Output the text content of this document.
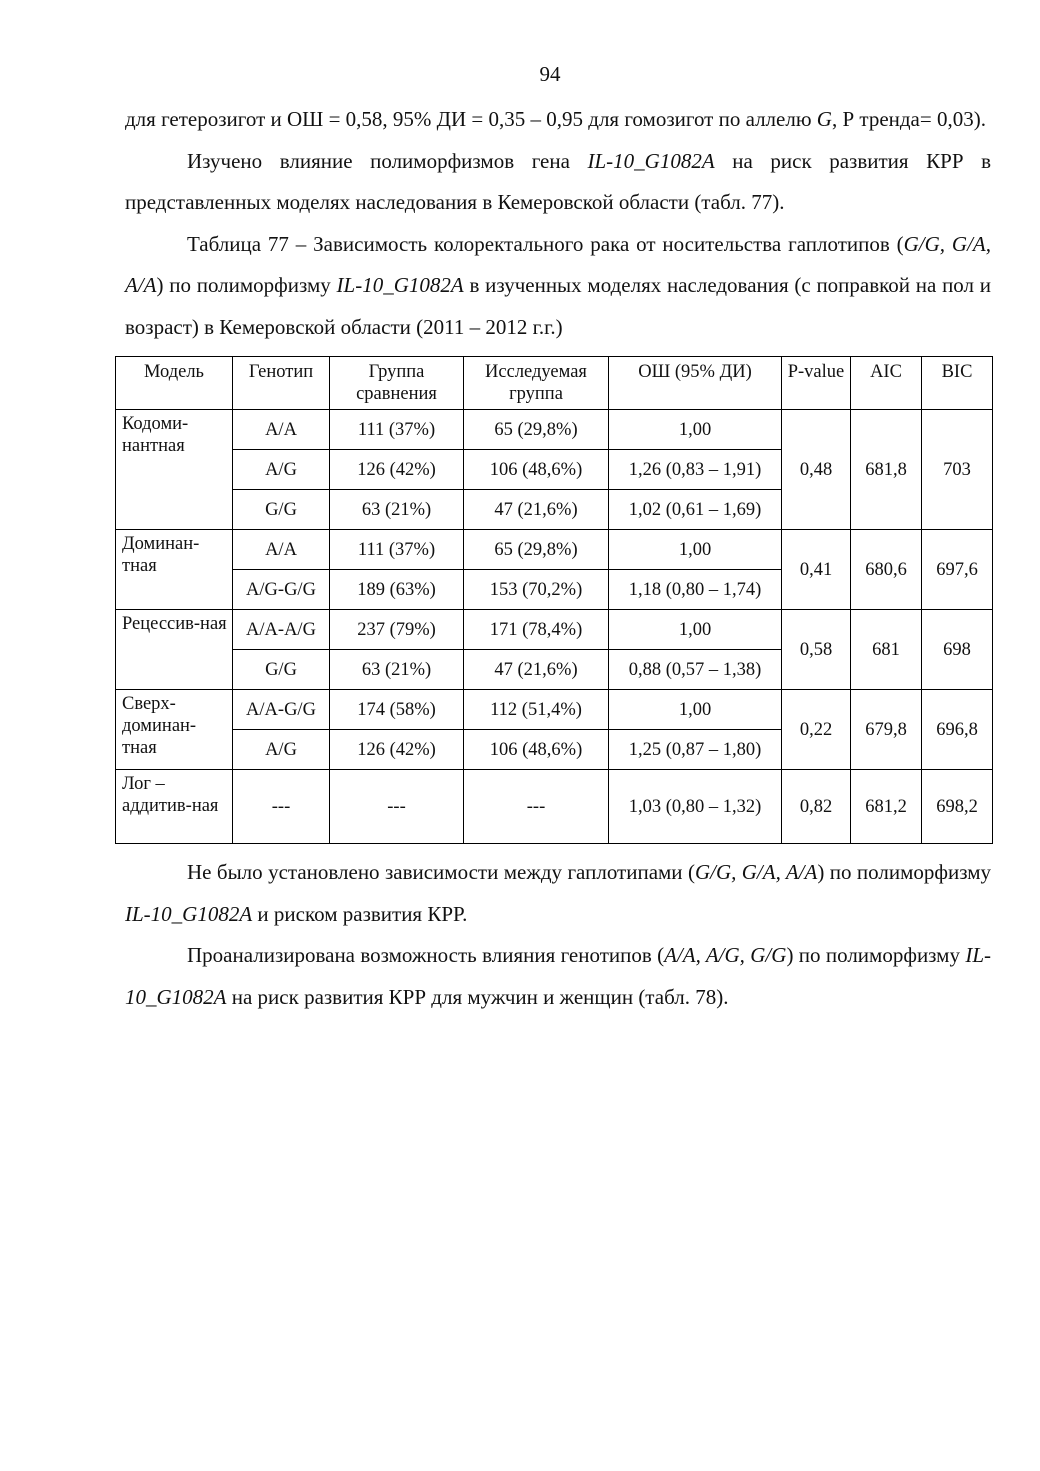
94

для гетерозигот и ОШ = 0,58, 95% ДИ = 0,35 – 0,95 для гомозигот по аллелю G, Р тренда= 0,03).

Изучено влияние полиморфизмов гена IL-10_G1082A на риск развития КРР в представленных моделях наследования в Кемеровской области (табл. 77).

Таблица 77 – Зависимость колоректального рака от носительства гаплотипов (G/G, G/A, A/A) по полиморфизму IL-10_G1082A в изученных моделях наследования (с поправкой на пол и возраст) в Кемеровской области (2011 – 2012 г.г.)

Модель	Генотип	Группа сравнения	Исследуемая группа	ОШ (95% ДИ)	P-value	AIC	BIC
Кодоми-нантная	A/A	111 (37%)	65 (29,8%)	1,00	0,48	681,8	703
	A/G	126 (42%)	106 (48,6%)	1,26 (0,83 – 1,91)			
	G/G	63 (21%)	47 (21,6%)	1,02 (0,61 – 1,69)			
Доминан-тная	A/A	111 (37%)	65 (29,8%)	1,00	0,41	680,6	697,6
	A/G-G/G	189 (63%)	153 (70,2%)	1,18 (0,80 – 1,74)			
Рецессив-ная	A/A-A/G	237 (79%)	171 (78,4%)	1,00	0,58	681	698
	G/G	63 (21%)	47 (21,6%)	0,88 (0,57 – 1,38)			
Сверх-доминан-тная	A/A-G/G	174 (58%)	112 (51,4%)	1,00	0,22	679,8	696,8
	A/G	126 (42%)	106 (48,6%)	1,25 (0,87 – 1,80)			
Лог – аддитив-ная	---	---	---	1,03 (0,80 – 1,32)	0,82	681,2	698,2

Не было установлено зависимости между гаплотипами (G/G, G/A, A/A) по полиморфизму IL-10_G1082A и риском развития КРР.

Проанализирована возможность влияния генотипов (A/A, A/G, G/G) по полиморфизму IL-10_G1082A на риск развития КРР для мужчин и женщин (табл. 78).
